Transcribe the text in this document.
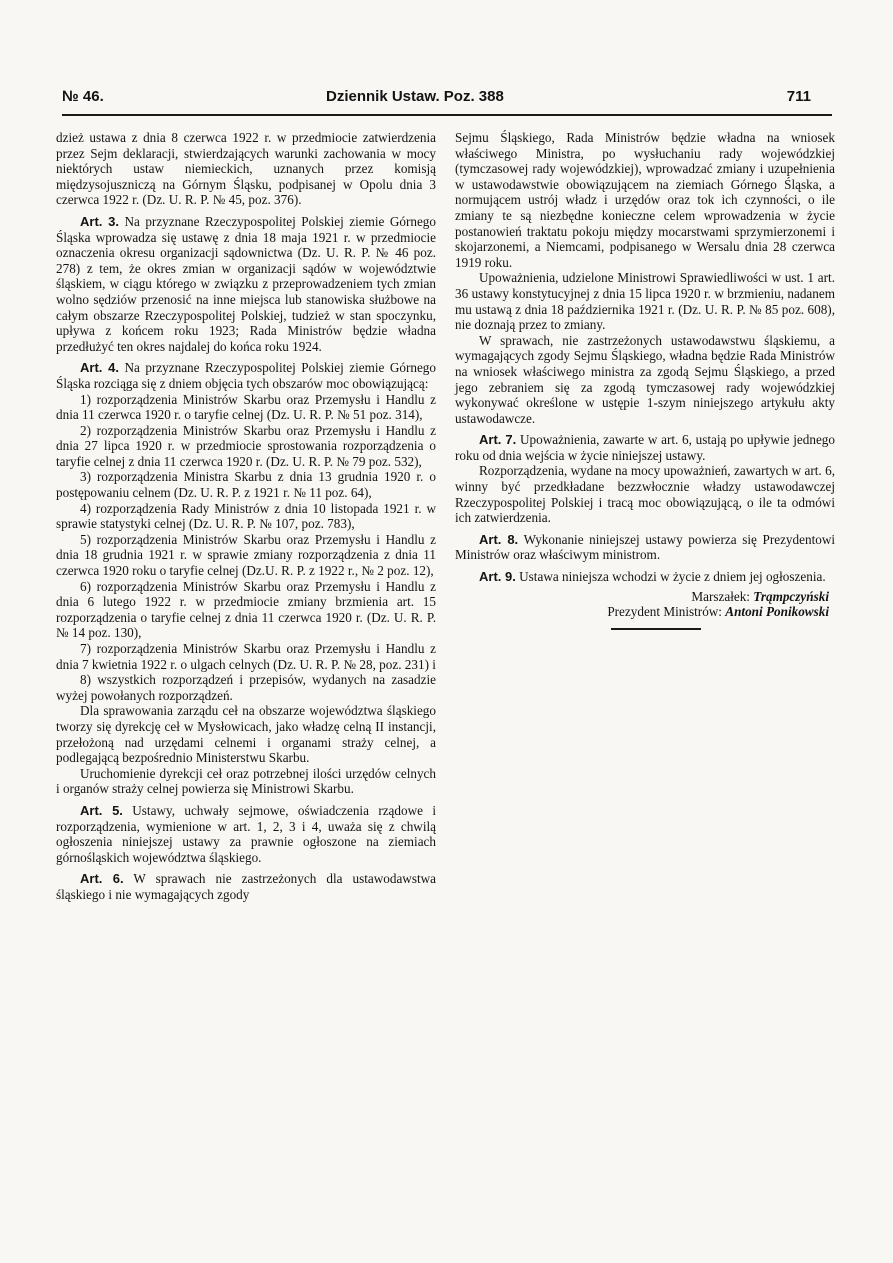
№ 46.	Dziennik Ustaw. Poz. 388	711

dzież ustawa z dnia 8 czerwca 1922 r. w przedmiocie zatwierdzenia przez Sejm deklaracji, stwierdzających warunki zachowania w mocy niektórych ustaw niemieckich, uznanych przez komisją międzysojuszniczą na Górnym Śląsku, podpisanej w Opolu dnia 3 czerwca 1922 r. (Dz. U. R. P. № 45, poz. 376).

Art. 3. Na przyznane Rzeczypospolitej Polskiej ziemie Górnego Śląska wprowadza się ustawę z dnia 18 maja 1921 r. w przedmiocie oznaczenia okresu organizacji sądownictwa (Dz. U. R. P. № 46 poz. 278) z tem, że okres zmian w organizacji sądów w województwie śląskiem, w ciągu którego w związku z przeprowadzeniem tych zmian wolno sędziów przenosić na inne miejsca lub stanowiska służbowe na całym obszarze Rzeczypospolitej Polskiej, tudzież w stan spoczynku, upływa z końcem roku 1923; Rada Ministrów będzie władna przedłużyć ten okres najdalej do końca roku 1924.

Art. 4. Na przyznane Rzeczypospolitej Polskiej ziemie Górnego Śląska rozciąga się z dniem objęcia tych obszarów moc obowiązującą:

1) rozporządzenia Ministrów Skarbu oraz Przemysłu i Handlu z dnia 11 czerwca 1920 r. o taryfie celnej (Dz. U. R. P. № 51 poz. 314),

2) rozporządzenia Ministrów Skarbu oraz Przemysłu i Handlu z dnia 27 lipca 1920 r. w przedmiocie sprostowania rozporządzenia o taryfie celnej z dnia 11 czerwca 1920 r. (Dz. U. R. P. № 79 poz. 532),

3) rozporządzenia Ministra Skarbu z dnia 13 grudnia 1920 r. o postępowaniu celnem (Dz. U. R. P. z 1921 r. № 11 poz. 64),

4) rozporządzenia Rady Ministrów z dnia 10 listopada 1921 r. w sprawie statystyki celnej (Dz. U. R. P. № 107, poz. 783),

5) rozporządzenia Ministrów Skarbu oraz Przemysłu i Handlu z dnia 18 grudnia 1921 r. w sprawie zmiany rozporządzenia z dnia 11 czerwca 1920 roku o taryfie celnej (Dz.U. R. P. z 1922 r., № 2 poz. 12),

6) rozporządzenia Ministrów Skarbu oraz Przemysłu i Handlu z dnia 6 lutego 1922 r. w przedmiocie zmiany brzmienia art. 15 rozporządzenia o taryfie celnej z dnia 11 czerwca 1920 r. (Dz. U. R. P. № 14 poz. 130),

7) rozporządzenia Ministrów Skarbu oraz Przemysłu i Handlu z dnia 7 kwietnia 1922 r. o ulgach celnych (Dz. U. R. P. № 28, poz. 231) i

8) wszystkich rozporządzeń i przepisów, wydanych na zasadzie wyżej powołanych rozporządzeń.

Dla sprawowania zarządu ceł na obszarze województwa śląskiego tworzy się dyrekcję ceł w Mysłowicach, jako władzę celną II instancji, przełożoną nad urzędami celnemi i organami straży celnej, a podlegającą bezpośrednio Ministerstwu Skarbu.

Uruchomienie dyrekcji ceł oraz potrzebnej ilości urzędów celnych i organów straży celnej powierza się Ministrowi Skarbu.

Art. 5. Ustawy, uchwały sejmowe, oświadczenia rządowe i rozporządzenia, wymienione w art. 1, 2, 3 i 4, uważa się z chwilą ogłoszenia niniejszej ustawy za prawnie ogłoszone na ziemiach górnośląskich województwa śląskiego.

Art. 6. W sprawach nie zastrzeżonych dla ustawodawstwa śląskiego i nie wymagających zgody

Sejmu Śląskiego, Rada Ministrów będzie władna na wniosek właściwego Ministra, po wysłuchaniu rady wojewódzkiej (tymczasowej rady wojewódzkiej), wprowadzać zmiany i uzupełnienia w ustawodawstwie obowiązującem na ziemiach Górnego Śląska, a normującem ustrój władz i urzędów oraz tok ich czynności, o ile zmiany te są niezbędne konieczne celem wprowadzenia w życie postanowień traktatu pokoju między mocarstwami sprzymierzonemi i skojarzonemi, a Niemcami, podpisanego w Wersalu dnia 28 czerwca 1919 roku.

Upoważnienia, udzielone Ministrowi Sprawiedliwości w ust. 1 art. 36 ustawy konstytucyjnej z dnia 15 lipca 1920 r. w brzmieniu, nadanem mu ustawą z dnia 18 października 1921 r. (Dz. U. R. P. № 85 poz. 608), nie doznają przez to zmiany.

W sprawach, nie zastrzeżonych ustawodawstwu śląskiemu, a wymagających zgody Sejmu Śląskiego, władna będzie Rada Ministrów na wniosek właściwego ministra za zgodą Sejmu Śląskiego, a przed jego zebraniem się za zgodą tymczasowej rady wojewódzkiej wykonywać określone w ustępie 1-szym niniejszego artykułu akty ustawodawcze.

Art. 7. Upoważnienia, zawarte w art. 6, ustają po upływie jednego roku od dnia wejścia w życie niniejszej ustawy.

Rozporządzenia, wydane na mocy upoważnień, zawartych w art. 6, winny być przedkładane bezzwłocznie władzy ustawodawczej Rzeczypospolitej Polskiej i tracą moc obowiązującą, o ile ta odmówi ich zatwierdzenia.

Art. 8. Wykonanie niniejszej ustawy powierza się Prezydentowi Ministrów oraz właściwym ministrom.

Art. 9. Ustawa niniejsza wchodzi w życie z dniem jej ogłoszenia.

Marszałek: Trąmpczyński

Prezydent Ministrów: Antoni Ponikowski
